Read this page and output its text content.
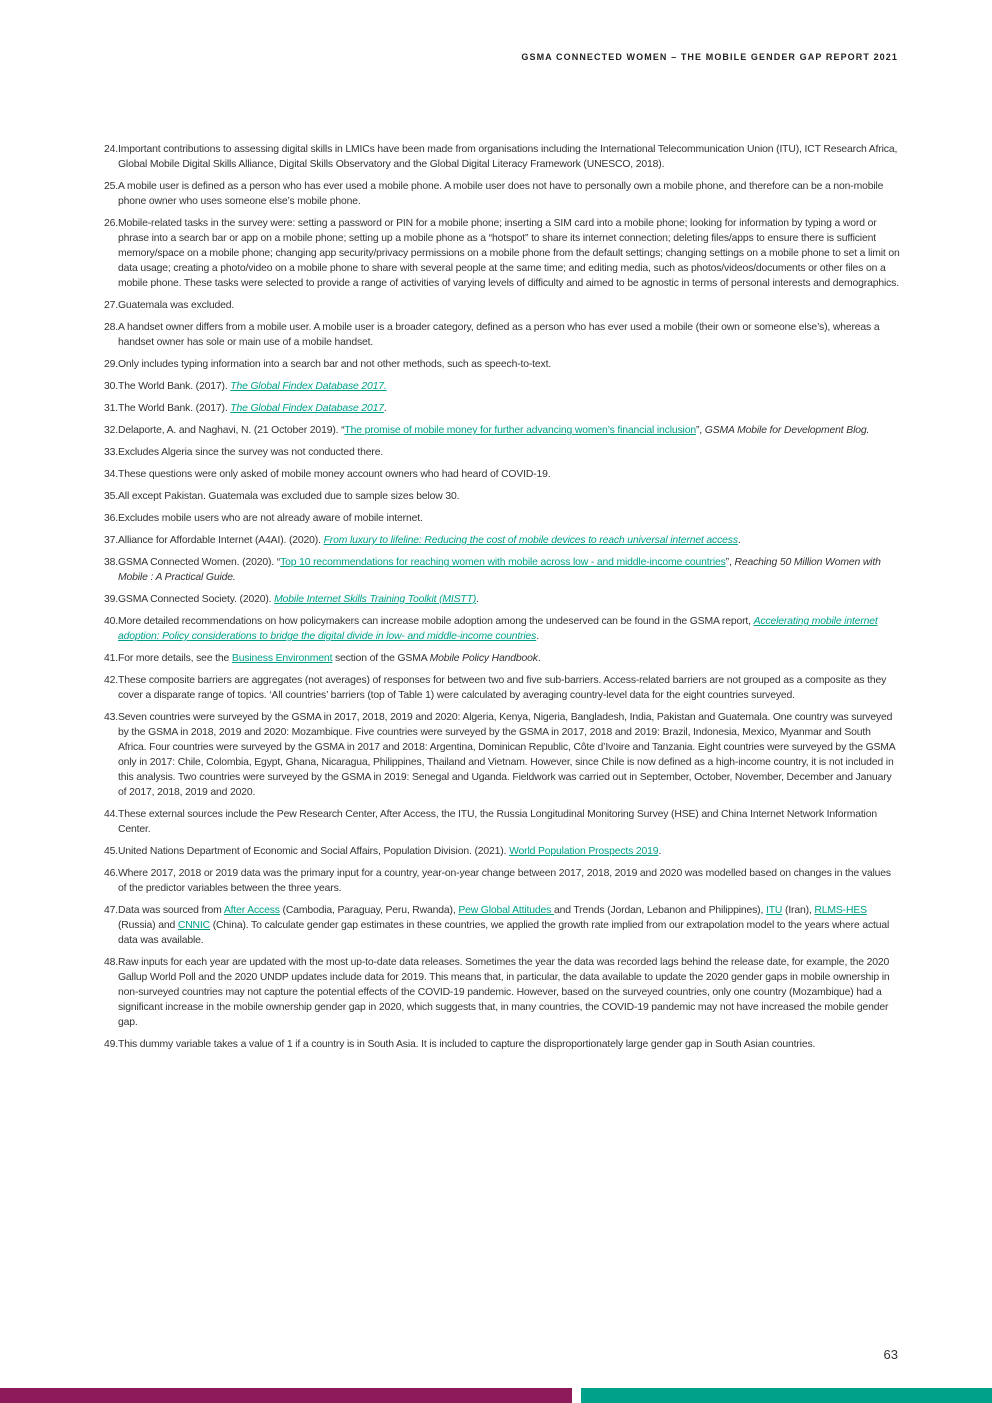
GSMA CONNECTED WOMEN – THE MOBILE GENDER GAP REPORT 2021
24. Important contributions to assessing digital skills in LMICs have been made from organisations including the International Telecommunication Union (ITU), ICT Research Africa, Global Mobile Digital Skills Alliance, Digital Skills Observatory and the Global Digital Literacy Framework (UNESCO, 2018).
25. A mobile user is defined as a person who has ever used a mobile phone. A mobile user does not have to personally own a mobile phone, and therefore can be a non-mobile phone owner who uses someone else’s mobile phone.
26. Mobile-related tasks in the survey were: setting a password or PIN for a mobile phone; inserting a SIM card into a mobile phone; looking for information by typing a word or phrase into a search bar or app on a mobile phone; setting up a mobile phone as a “hotspot” to share its internet connection; deleting files/apps to ensure there is sufficient memory/space on a mobile phone; changing app security/privacy permissions on a mobile phone from the default settings; changing settings on a mobile phone to set a limit on data usage; creating a photo/video on a mobile phone to share with several people at the same time; and editing media, such as photos/videos/documents or other files on a mobile phone. These tasks were selected to provide a range of activities of varying levels of difficulty and aimed to be agnostic in terms of personal interests and demographics.
27. Guatemala was excluded.
28. A handset owner differs from a mobile user. A mobile user is a broader category, defined as a person who has ever used a mobile (their own or someone else’s), whereas a handset owner has sole or main use of a mobile handset.
29. Only includes typing information into a search bar and not other methods, such as speech-to-text.
30. The World Bank. (2017). The Global Findex Database 2017.
31. The World Bank. (2017). The Global Findex Database 2017.
32. Delaporte, A. and Naghavi, N. (21 October 2019). “The promise of mobile money for further advancing women’s financial inclusion”, GSMA Mobile for Development Blog.
33. Excludes Algeria since the survey was not conducted there.
34. These questions were only asked of mobile money account owners who had heard of COVID-19.
35. All except Pakistan. Guatemala was excluded due to sample sizes below 30.
36. Excludes mobile users who are not already aware of mobile internet.
37. Alliance for Affordable Internet (A4AI). (2020). From luxury to lifeline: Reducing the cost of mobile devices to reach universal internet access.
38. GSMA Connected Women. (2020). “Top 10 recommendations for reaching women with mobile across low - and middle-income countries”, Reaching 50 Million Women with Mobile : A Practical Guide.
39. GSMA Connected Society. (2020). Mobile Internet Skills Training Toolkit (MISTT).
40. More detailed recommendations on how policymakers can increase mobile adoption among the undeserved can be found in the GSMA report, Accelerating mobile internet adoption: Policy considerations to bridge the digital divide in low- and middle-income countries.
41. For more details, see the Business Environment section of the GSMA Mobile Policy Handbook.
42. These composite barriers are aggregates (not averages) of responses for between two and five sub-barriers. Access-related barriers are not grouped as a composite as they cover a disparate range of topics. ‘All countries’ barriers (top of Table 1) were calculated by averaging country-level data for the eight countries surveyed.
43. Seven countries were surveyed by the GSMA in 2017, 2018, 2019 and 2020: Algeria, Kenya, Nigeria, Bangladesh, India, Pakistan and Guatemala. One country was surveyed by the GSMA in 2018, 2019 and 2020: Mozambique. Five countries were surveyed by the GSMA in 2017, 2018 and 2019: Brazil, Indonesia, Mexico, Myanmar and South Africa. Four countries were surveyed by the GSMA in 2017 and 2018: Argentina, Dominican Republic, Côte d’Ivoire and Tanzania. Eight countries were surveyed by the GSMA only in 2017: Chile, Colombia, Egypt, Ghana, Nicaragua, Philippines, Thailand and Vietnam. However, since Chile is now defined as a high-income country, it is not included in this analysis. Two countries were surveyed by the GSMA in 2019: Senegal and Uganda. Fieldwork was carried out in September, October, November, December and January of 2017, 2018, 2019 and 2020.
44. These external sources include the Pew Research Center, After Access, the ITU, the Russia Longitudinal Monitoring Survey (HSE) and China Internet Network Information Center.
45. United Nations Department of Economic and Social Affairs, Population Division. (2021). World Population Prospects 2019.
46. Where 2017, 2018 or 2019 data was the primary input for a country, year-on-year change between 2017, 2018, 2019 and 2020 was modelled based on changes in the values of the predictor variables between the three years.
47. Data was sourced from After Access (Cambodia, Paraguay, Peru, Rwanda), Pew Global Attitudes and Trends (Jordan, Lebanon and Philippines), ITU (Iran), RLMS-HES (Russia) and CNNIC (China). To calculate gender gap estimates in these countries, we applied the growth rate implied from our extrapolation model to the years where actual data was available.
48. Raw inputs for each year are updated with the most up-to-date data releases. Sometimes the year the data was recorded lags behind the release date, for example, the 2020 Gallup World Poll and the 2020 UNDP updates include data for 2019. This means that, in particular, the data available to update the 2020 gender gaps in mobile ownership in non-surveyed countries may not capture the potential effects of the COVID-19 pandemic. However, based on the surveyed countries, only one country (Mozambique) had a significant increase in the mobile ownership gender gap in 2020, which suggests that, in many countries, the COVID-19 pandemic may not have increased the mobile gender gap.
49. This dummy variable takes a value of 1 if a country is in South Asia. It is included to capture the disproportionately large gender gap in South Asian countries.
63
